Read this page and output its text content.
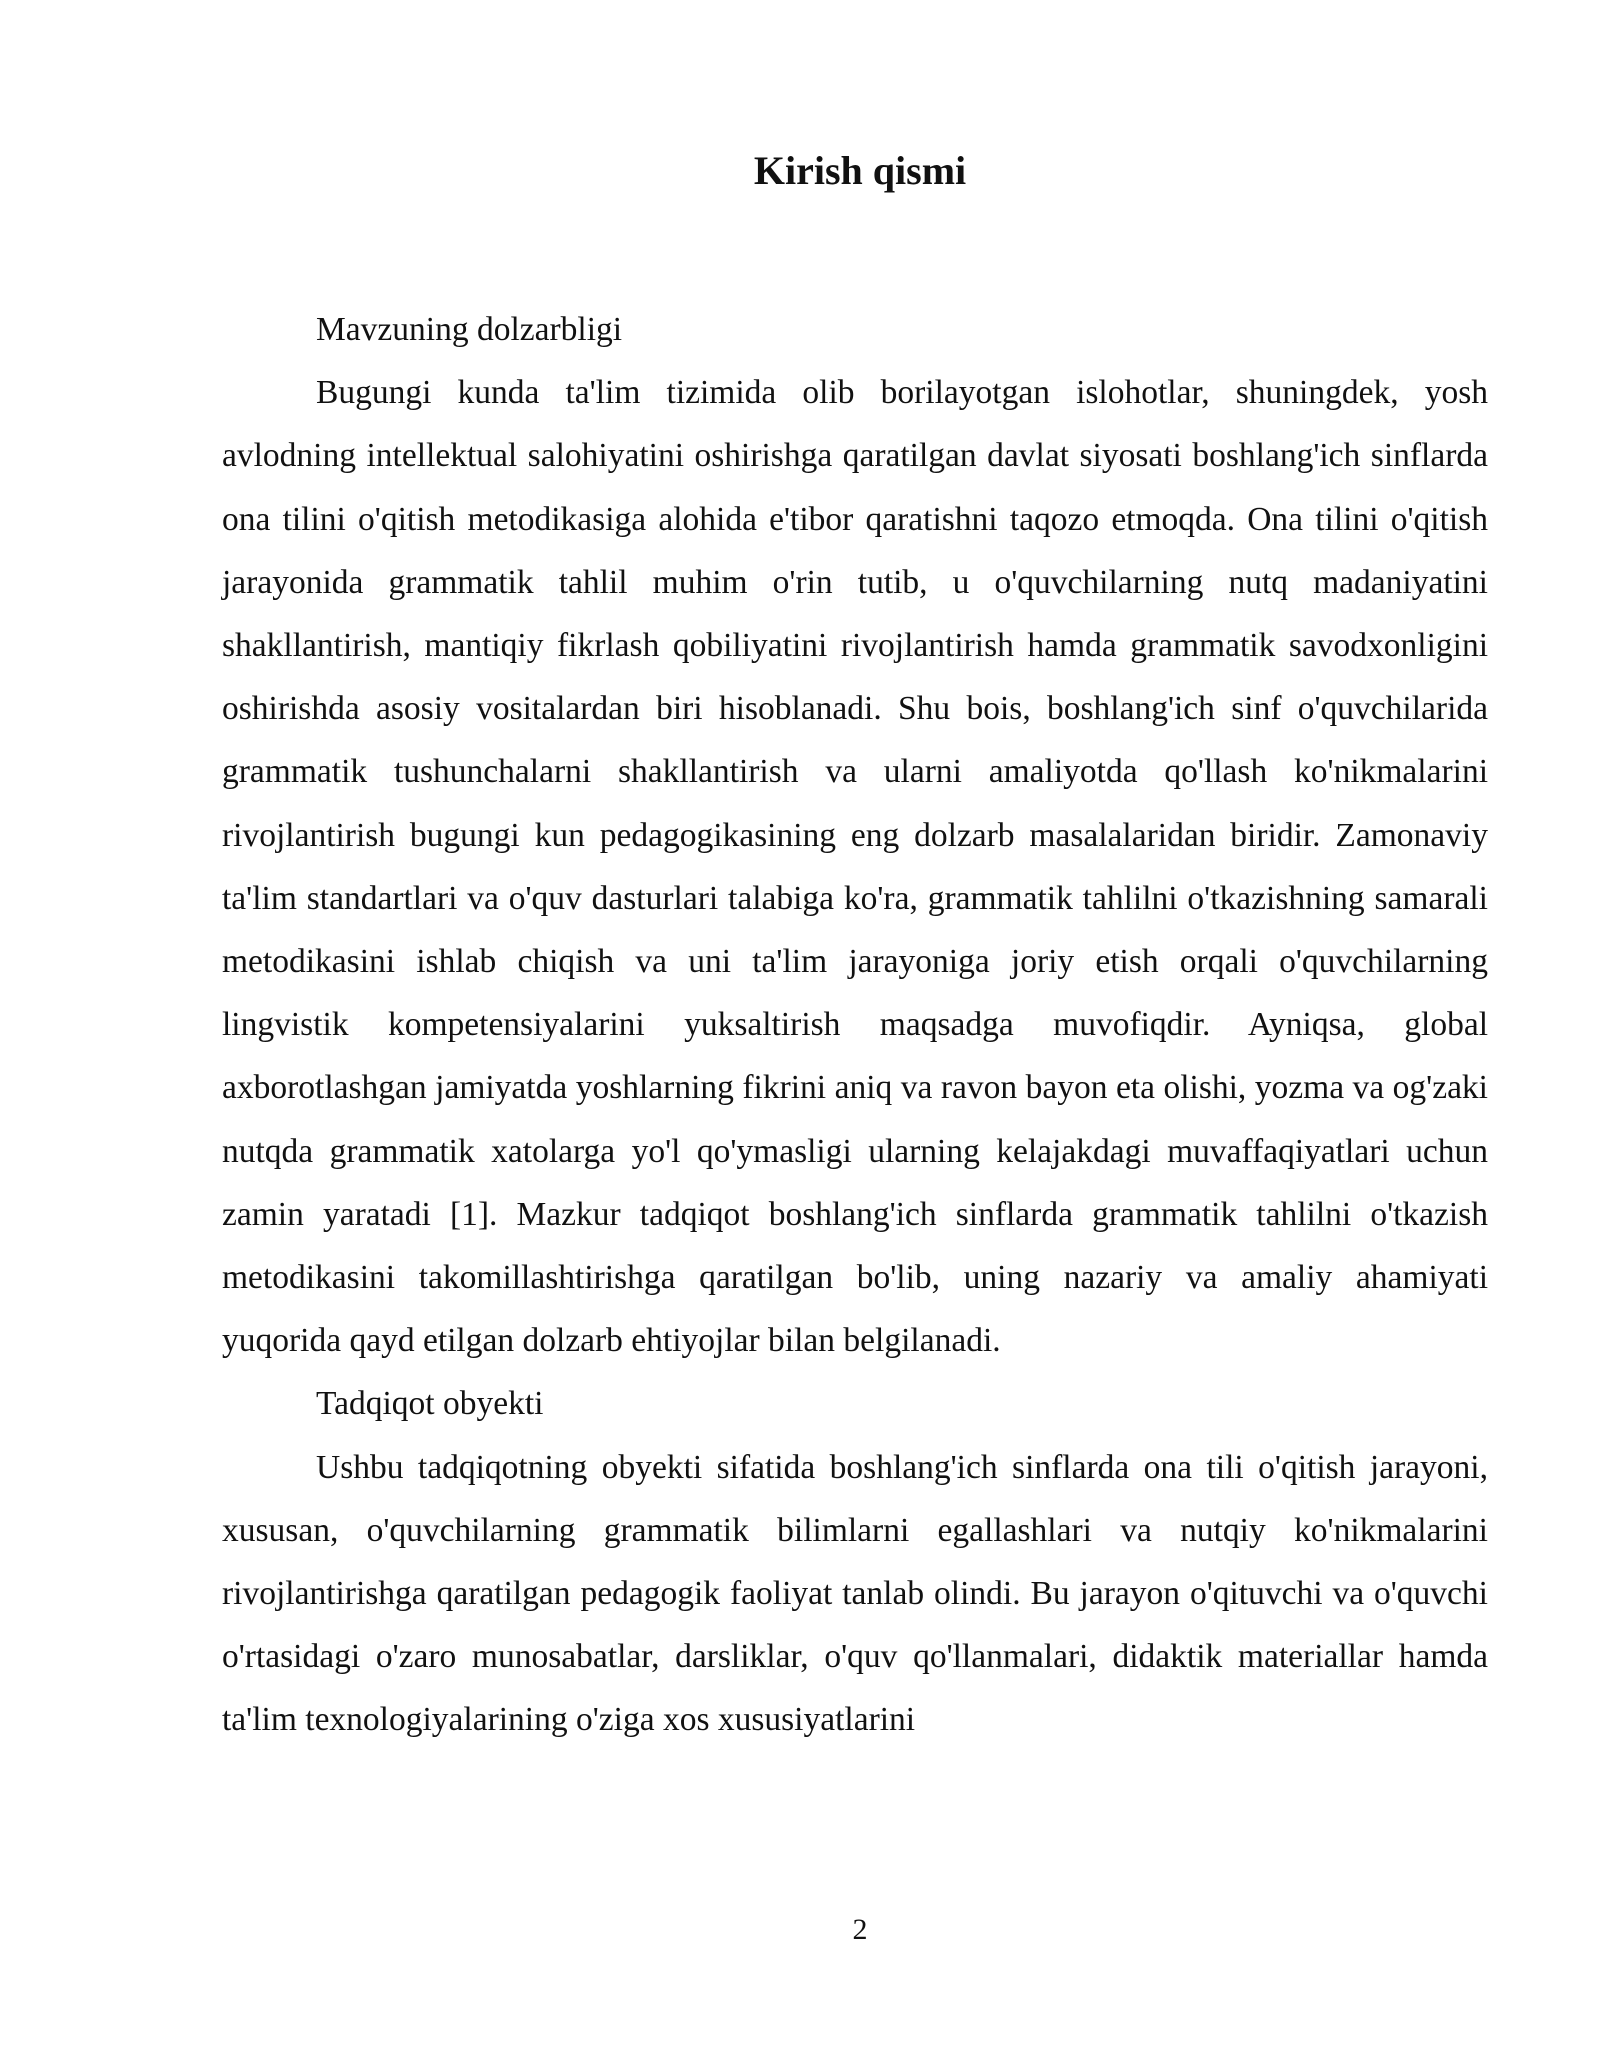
Kirish qismi

Mavzuning dolzarbligi

Bugungi kunda ta'lim tizimida olib borilayotgan islohotlar, shuningdek, yosh avlodning intellektual salohiyatini oshirishga qaratilgan davlat siyosati boshlang'ich sinflarda ona tilini o'qitish metodikasiga alohida e'tibor qaratishni taqozo etmoqda. Ona tilini o'qitish jarayonida grammatik tahlil muhim o'rin tutib, u o'quvchilarning nutq madaniyatini shakllantirish, mantiqiy fikrlash qobiliyatini rivojlantirish hamda grammatik savodxonligini oshirishda asosiy vositalardan biri hisoblanadi. Shu bois, boshlang'ich sinf o'quvchilarida grammatik tushunchalarni shakllantirish va ularni amaliyotda qo'llash ko'nikmalarini rivojlantirish bugungi kun pedagogikasining eng dolzarb masalalaridan biridir. Zamonaviy ta'lim standartlari va o'quv dasturlari talabiga ko'ra, grammatik tahlilni o'tkazishning samarali metodikasini ishlab chiqish va uni ta'lim jarayoniga joriy etish orqali o'quvchilarning lingvistik kompetensiyalarini yuksaltirish maqsadga muvofiqdir. Ayniqsa, global axborotlashgan jamiyatda yoshlarning fikrini aniq va ravon bayon eta olishi, yozma va og'zaki nutqda grammatik xatolarga yo'l qo'ymasligi ularning kelajakdagi muvaffaqiyatlari uchun zamin yaratadi [1]. Mazkur tadqiqot boshlang'ich sinflarda grammatik tahlilni o'tkazish metodikasini takomillashtirishga qaratilgan bo'lib, uning nazariy va amaliy ahamiyati yuqorida qayd etilgan dolzarb ehtiyojlar bilan belgilanadi.

Tadqiqot obyekti

Ushbu tadqiqotning obyekti sifatida boshlang'ich sinflarda ona tili o'qitish jarayoni, xususan, o'quvchilarning grammatik bilimlarni egallashlari va nutqiy ko'nikmalarini rivojlantirishga qaratilgan pedagogik faoliyat tanlab olindi. Bu jarayon o'qituvchi va o'quvchi o'rtasidagi o'zaro munosabatlar, darsliklar, o'quv qo'llanmalari, didaktik materiallar hamda ta'lim texnologiyalarining o'ziga xos xususiyatlarini

2
